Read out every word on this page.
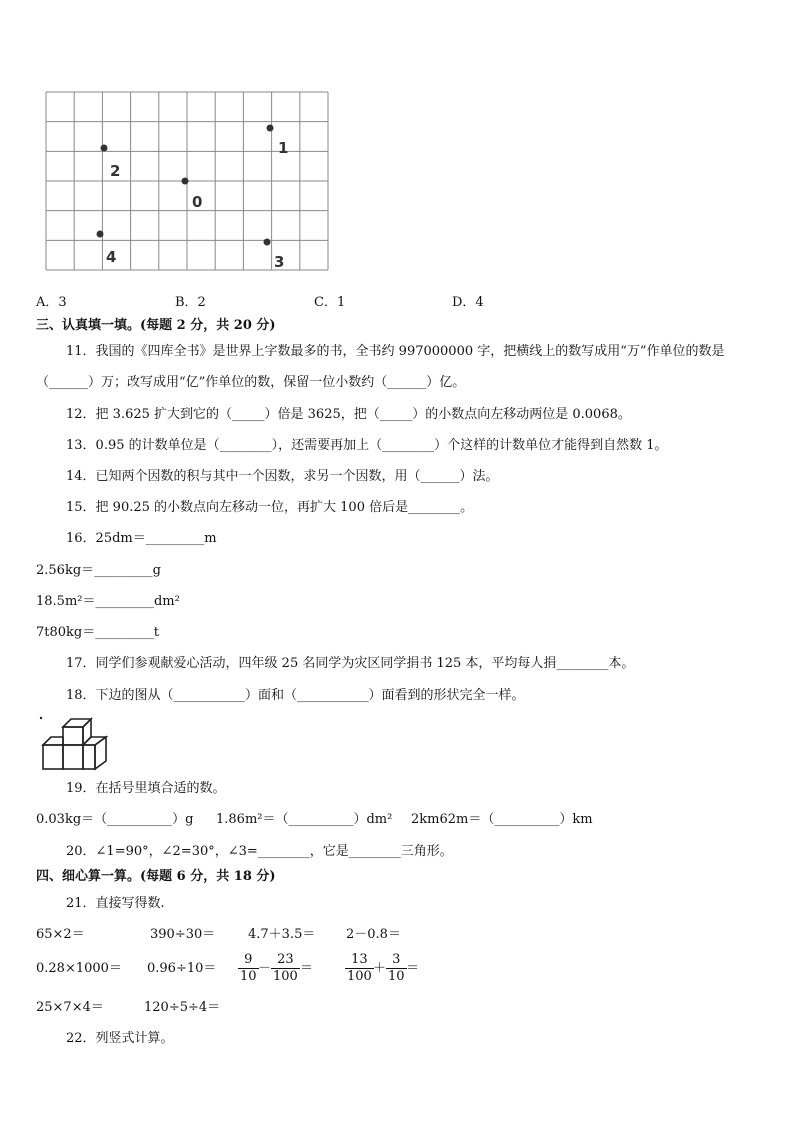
2
1
0
4	3
A．3	B．2	C．1	D．4
三、认真填一填。(每题 2 分，共 20 分)
11．我国的《四库全书》是世界上字数最多的书，全书约 997000000 字，把横线上的数写成用“万”作单位的数是
（______）万；改写成用“亿”作单位的数，保留一位小数约（______）亿。
12．把 3.625 扩大到它的（_____）倍是 3625，把（_____）的小数点向左移动两位是 0.0068。
13．0.95 的计数单位是（________），还需要再加上（________）个这样的计数单位才能得到自然数 1。
14．已知两个因数的积与其中一个因数，求另一个因数，用（______）法。
15．把 90.25 的小数点向左移动一位，再扩大 100 倍后是________。
16．25dm＝_________m
2.56kg＝_________g
18.5m²＝_________dm²
7t80kg＝_________t
17．同学们参观献爱心活动，四年级 25 名同学为灾区同学捐书 125 本，平均每人捐________本。
18．下边的图从（___________）面和（___________）面看到的形状完全一样。
19．在括号里填合适的数。
0.03kg＝（__________）g 1.86m²＝（__________）dm² 2km62m＝（__________）km
20．∠1=90°，∠2=30°，∠3=________，它是________三角形。
四、细心算一算。(每题 6 分，共 18 分)
21．直接写得数.
65×2＝	390÷30＝	4.7＋3.5＝ 2－0.8＝
$0.28\times 1000= 0.96\div 10= \frac{9}{10} - \frac{23}{100} = \frac{13}{100} + \frac{3}{10}$ ＝
25×7×4＝	120÷5÷4＝
22．列竖式计算。
